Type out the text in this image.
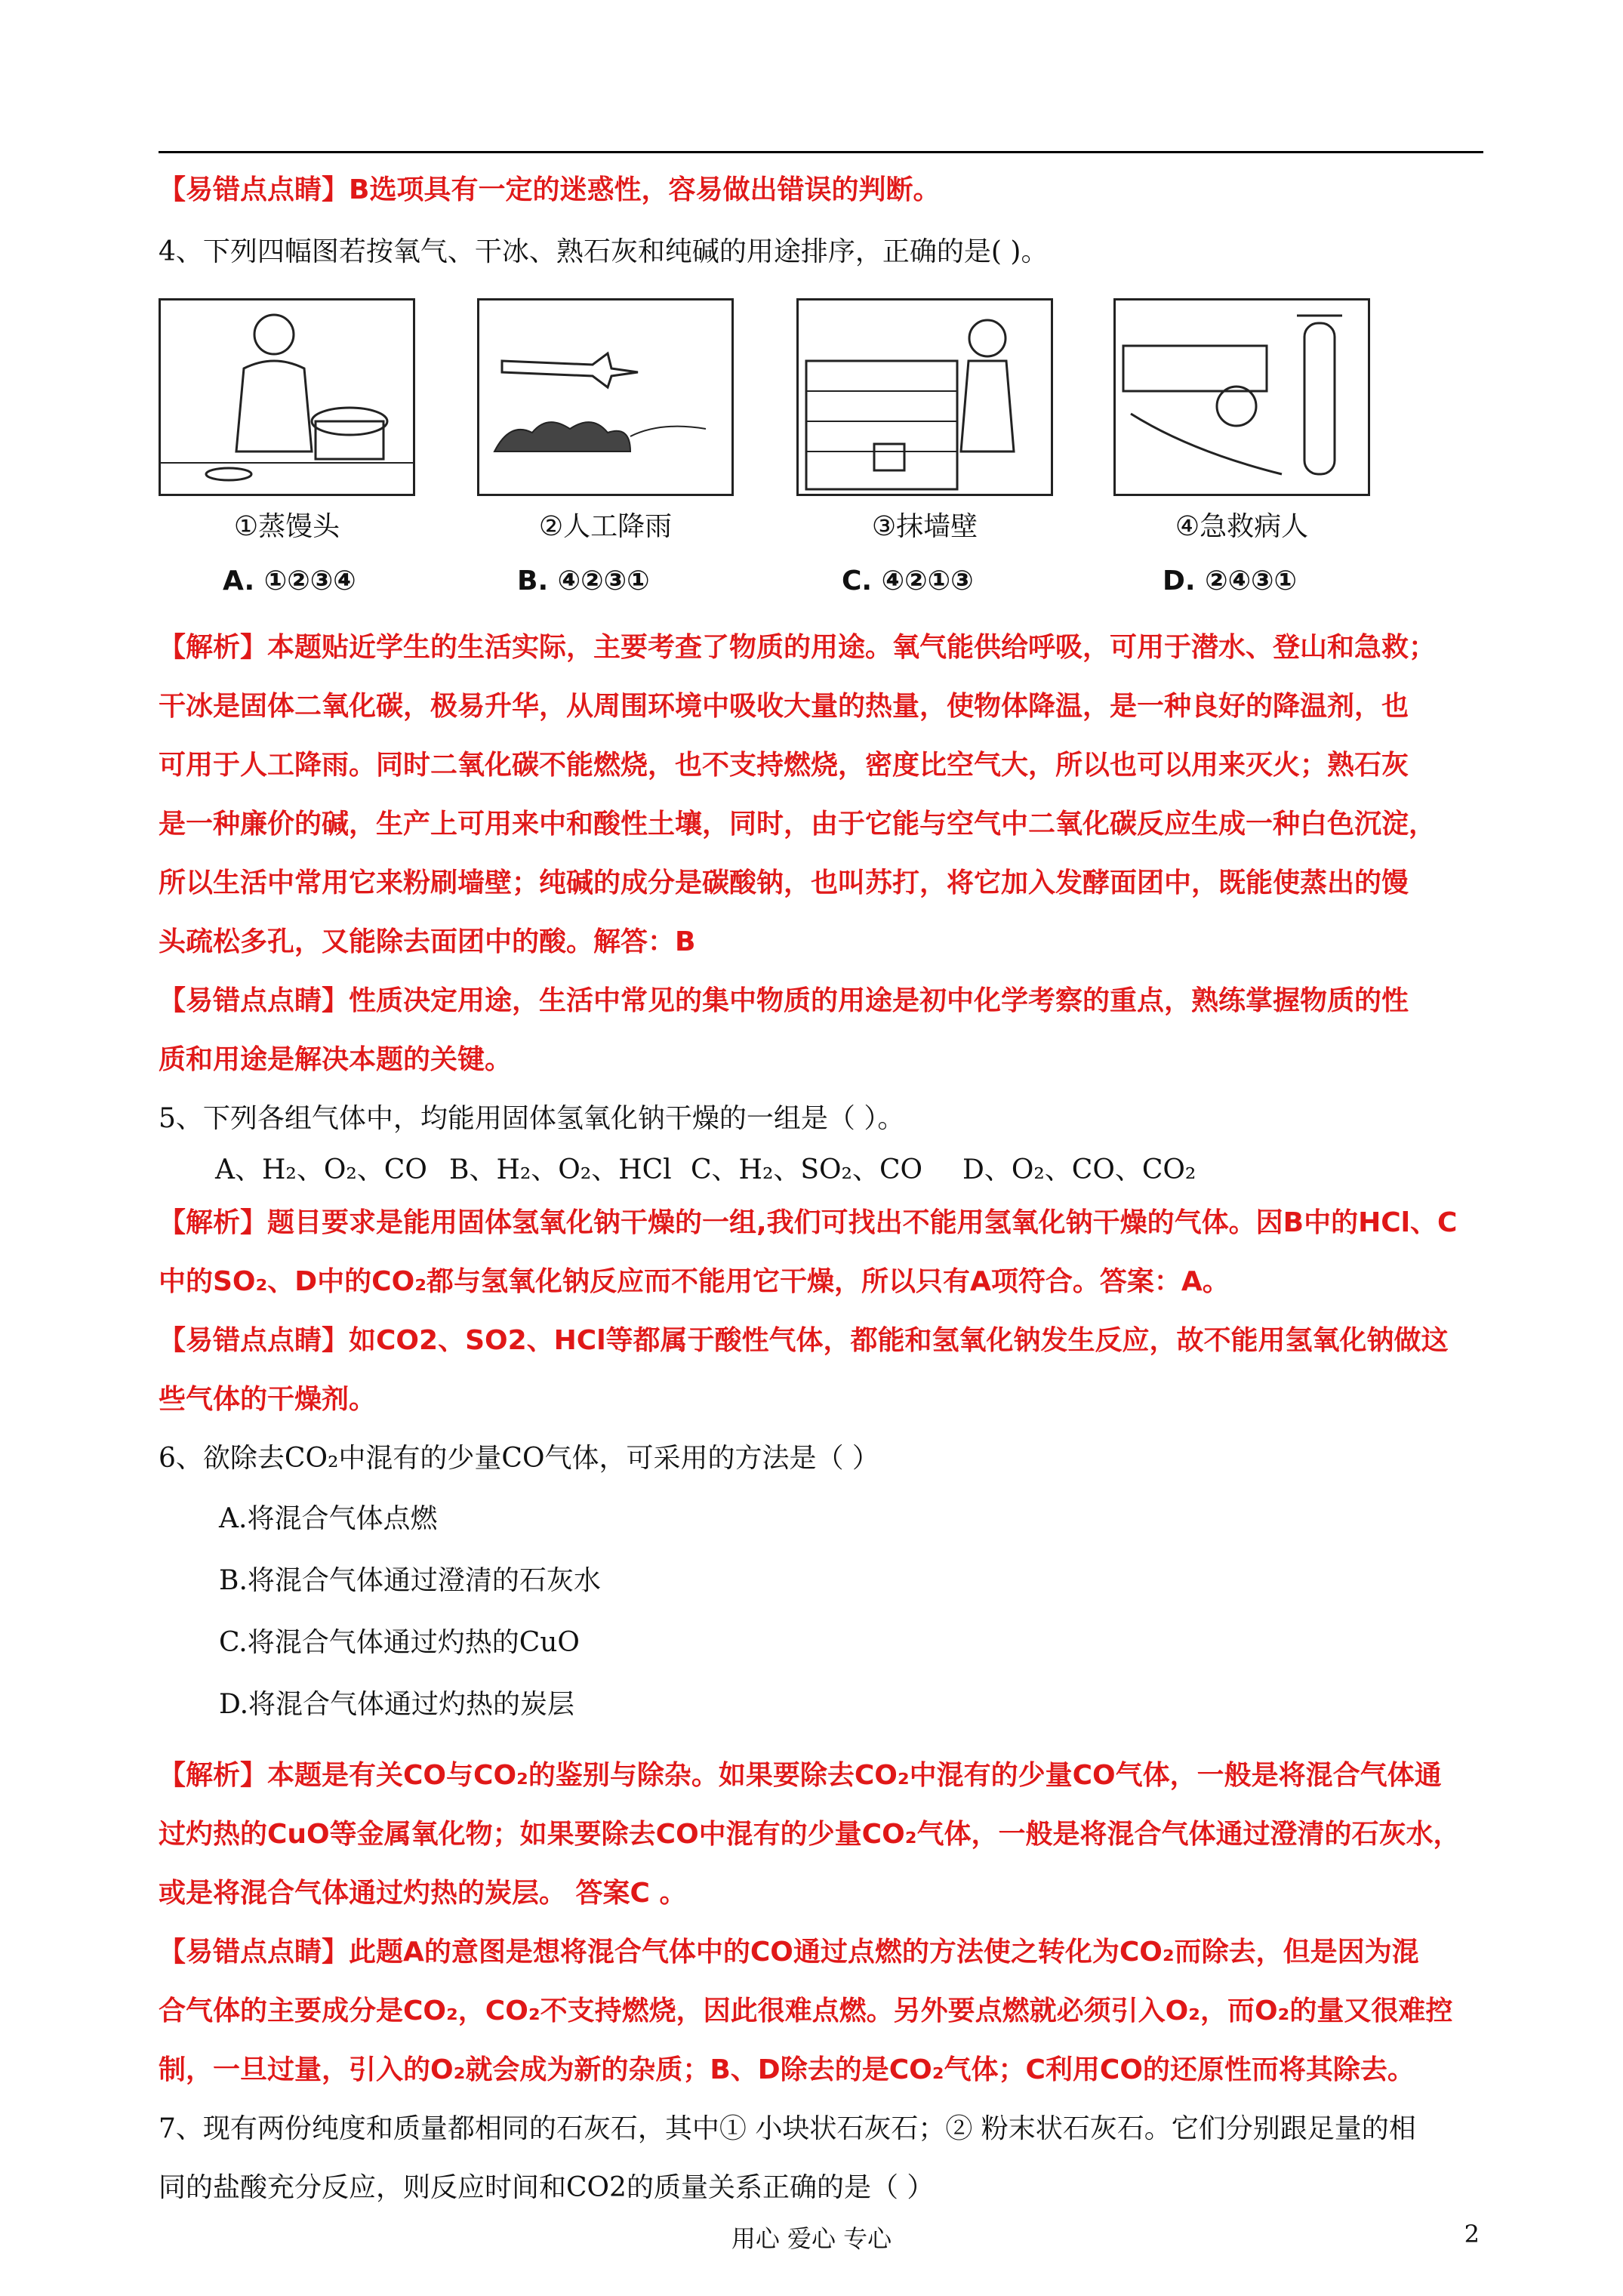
【易错点点睛】B选项具有一定的迷惑性，容易做出错误的判断。
4、下列四幅图若按氧气、干冰、熟石灰和纯碱的用途排序，正确的是( )。
①蒸馒头	②人工降雨	③抹墙壁	④急救病人
A. ①②③④	B. ④②③①	C. ④②①③	D. ②④③①

【解析】本题贴近学生的生活实际，主要考查了物质的用途。氧气能供给呼吸，可用于潜水、登山和急救；

干冰是固体二氧化碳，极易升华，从周围环境中吸收大量的热量，使物体降温，是一种良好的降温剂，也

可用于人工降雨。同时二氧化碳不能燃烧，也不支持燃烧，密度比空气大，所以也可以用来灭火；熟石灰

是一种廉价的碱，生产上可用来中和酸性土壤，同时，由于它能与空气中二氧化碳反应生成一种白色沉淀，

所以生活中常用它来粉刷墙壁；纯碱的成分是碳酸钠，也叫苏打，将它加入发酵面团中，既能使蒸出的馒

头疏松多孔，又能除去面团中的酸。解答：B

【易错点点睛】性质决定用途，生活中常见的集中物质的用途是初中化学考察的重点，熟练掌握物质的性

质和用途是解决本题的关键。

5、下列各组气体中，均能用固体氢氧化钠干燥的一组是（ ）。

A、H₂、O₂、CO B、H₂、O₂、HCl C、H₂、SO₂、CO D、O₂、CO、CO₂

【解析】题目要求是能用固体氢氧化钠干燥的一组,我们可找出不能用氢氧化钠干燥的气体。因B中的HCl、C

中的SO₂、D中的CO₂都与氢氧化钠反应而不能用它干燥，所以只有A项符合。答案：A。

【易错点点睛】如CO2、SO2、HCl等都属于酸性气体，都能和氢氧化钠发生反应，故不能用氢氧化钠做这

些气体的干燥剂。

6、欲除去CO₂中混有的少量CO气体，可采用的方法是（ ）

A.将混合气体点燃
B.将混合气体通过澄清的石灰水
C.将混合气体通过灼热的CuO
D.将混合气体通过灼热的炭层

【解析】本题是有关CO与CO₂的鉴别与除杂。如果要除去CO₂中混有的少量CO气体，一般是将混合气体通

过灼热的CuO等金属氧化物；如果要除去CO中混有的少量CO₂气体，一般是将混合气体通过澄清的石灰水，

或是将混合气体通过灼热的炭层。 答案C 。

【易错点点睛】此题A的意图是想将混合气体中的CO通过点燃的方法使之转化为CO₂而除去，但是因为混

合气体的主要成分是CO₂，CO₂不支持燃烧，因此很难点燃。另外要点燃就必须引入O₂，而O₂的量又很难控

制，一旦过量，引入的O₂就会成为新的杂质；B、D除去的是CO₂气体；C利用CO的还原性而将其除去。

7、现有两份纯度和质量都相同的石灰石，其中① 小块状石灰石；② 粉末状石灰石。它们分别跟足量的相

同的盐酸充分反应，则反应时间和CO2的质量关系正确的是（ ）

用心 爱心 专心	2
